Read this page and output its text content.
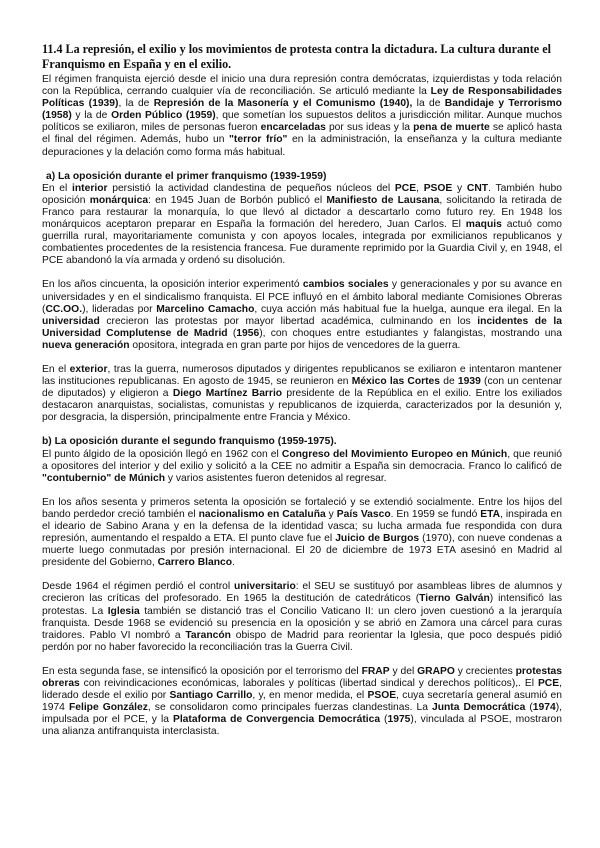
11.4 La represión, el exilio y los movimientos de protesta contra la dictadura. La cultura durante el Franquismo en España y en el exilio.

El régimen franquista ejerció desde el inicio una dura represión contra demócratas, izquierdistas y toda relación con la República, cerrando cualquier vía de reconciliación. Se articuló mediante la Ley de Responsabilidades Políticas (1939), la de Represión de la Masonería y el Comunismo (1940), la de Bandidaje y Terrorismo (1958) y la de Orden Público (1959), que sometían los supuestos delitos a jurisdicción militar. Aunque muchos políticos se exiliaron, miles de personas fueron encarceladas por sus ideas y la pena de muerte se aplicó hasta el final del régimen. Además, hubo un "terror frío" en la administración, la enseñanza y la cultura mediante depuraciones y la delación como forma más habitual.

a) La oposición durante el primer franquismo (1939-1959)

En el interior persistió la actividad clandestina de pequeños núcleos del PCE, PSOE y CNT. También hubo oposición monárquica: en 1945 Juan de Borbón publicó el Manifiesto de Lausana, solicitando la retirada de Franco para restaurar la monarquía, lo que llevó al dictador a descartarlo como futuro rey. En 1948 los monárquicos aceptaron preparar en España la formación del heredero, Juan Carlos. El maquis actuó como guerrilla rural, mayoritariamente comunista y con apoyos locales, integrada por exmilicianos republicanos y combatientes procedentes de la resistencia francesa. Fue duramente reprimido por la Guardia Civil y, en 1948, el PCE abandonó la vía armada y ordenó su disolución.

En los años cincuenta, la oposición interior experimentó cambios sociales y generacionales y por su avance en universidades y en el sindicalismo franquista. El PCE influyó en el ámbito laboral mediante Comisiones Obreras (CC.OO.), lideradas por Marcelino Camacho, cuya acción más habitual fue la huelga, aunque era ilegal. En la universidad crecieron las protestas por mayor libertad académica, culminando en los incidentes de la Universidad Complutense de Madrid (1956), con choques entre estudiantes y falangistas, mostrando una nueva generación opositora, integrada en gran parte por hijos de vencedores de la guerra.

En el exterior, tras la guerra, numerosos diputados y dirigentes republicanos se exiliaron e intentaron mantener las instituciones republicanas. En agosto de 1945, se reunieron en México las Cortes de 1939 (con un centenar de diputados) y eligieron a Diego Martínez Barrio presidente de la República en el exilio. Entre los exiliados destacaron anarquistas, socialistas, comunistas y republicanos de izquierda, caracterizados por la desunión y, por desgracia, la dispersión, principalmente entre Francia y México.

b) La oposición durante el segundo franquismo (1959-1975).

El punto álgido de la oposición llegó en 1962 con el Congreso del Movimiento Europeo en Múnich, que reunió a opositores del interior y del exilio y solicitó a la CEE no admitir a España sin democracia. Franco lo calificó de "contubernio" de Múnich y varios asistentes fueron detenidos al regresar.

En los años sesenta y primeros setenta la oposición se fortaleció y se extendió socialmente. Entre los hijos del bando perdedor creció también el nacionalismo en Cataluña y País Vasco. En 1959 se fundó ETA, inspirada en el ideario de Sabino Arana y en la defensa de la identidad vasca; su lucha armada fue respondida con dura represión, aumentando el respaldo a ETA. El punto clave fue el Juicio de Burgos (1970), con nueve condenas a muerte luego conmutadas por presión internacional. El 20 de diciembre de 1973 ETA asesinó en Madrid al presidente del Gobierno, Carrero Blanco.

Desde 1964 el régimen perdió el control universitario: el SEU se sustituyó por asambleas libres de alumnos y crecieron las críticas del profesorado. En 1965 la destitución de catedráticos (Tierno Galván) intensificó las protestas. La Iglesia también se distanció tras el Concilio Vaticano II: un clero joven cuestionó a la jerarquía franquista. Desde 1968 se evidenció su presencia en la oposición y se abrió en Zamora una cárcel para curas traidores. Pablo VI nombró a Tarancón obispo de Madrid para reorientar la Iglesia, que poco después pidió perdón por no haber favorecido la reconciliación tras la Guerra Civil.

En esta segunda fase, se intensificó la oposición por el terrorismo del FRAP y del GRAPO y crecientes protestas obreras con reivindicaciones económicas, laborales y políticas (libertad sindical y derechos políticos),. El PCE, liderado desde el exilio por Santiago Carrillo, y, en menor medida, el PSOE, cuya secretaría general asumió en 1974 Felipe González, se consolidaron como principales fuerzas clandestinas. La Junta Democrática (1974), impulsada por el PCE, y la Plataforma de Convergencia Democrática (1975), vinculada al PSOE, mostraron una alianza antifranquista interclasista.
